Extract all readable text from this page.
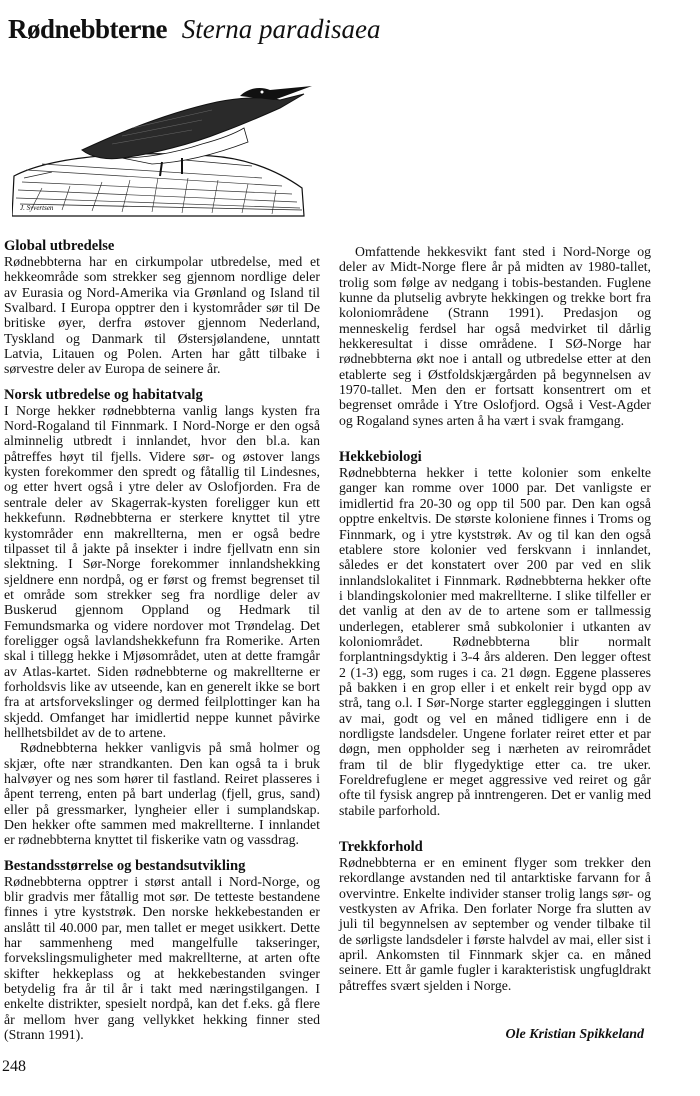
Rødnebbterne Sterna paradisaea
J. Syvertsen
Global utbredelse

Rødnebbterna har en cirkumpolar utbredelse, med et hekkeområde som strekker seg gjennom nordlige deler av Eurasia og Nord-Amerika via Grønland og Island til Svalbard. I Europa opptrer den i kystområder sør til De britiske øyer, derfra østover gjennom Nederland, Tyskland og Danmark til Østersjølandene, unntatt Latvia, Litauen og Polen. Arten har gått tilbake i sørvestre deler av Europa de seinere år.

Norsk utbredelse og habitatvalg

I Norge hekker rødnebbterna vanlig langs kysten fra Nord-Rogaland til Finnmark. I Nord-Norge er den også alminnelig utbredt i innlandet, hvor den bl.a. kan påtreffes høyt til fjells. Videre sør- og østover langs kysten forekommer den spredt og fåtallig til Lindesnes, og etter hvert også i ytre deler av Oslofjorden. Fra de sentrale deler av Skagerrak-kysten foreligger kun ett hekkefunn. Rødnebbterna er sterkere knyttet til ytre kystområder enn makrellterna, men er også bedre tilpasset til å jakte på insekter i indre fjellvatn enn sin slektning. I Sør-Norge forekommer innlandshekking sjeldnere enn nordpå, og er først og fremst begrenset til et område som strekker seg fra nordlige deler av Buskerud gjennom Oppland og Hedmark til Femundsmarka og videre nordover mot Trøndelag. Det foreligger også lavlandshekkefunn fra Romerike. Arten skal i tillegg hekke i Mjøsområdet, uten at dette framgår av Atlas-kartet. Siden rødnebbterne og makrellterne er forholdsvis like av utseende, kan en generelt ikke se bort fra at artsforvekslinger og dermed feilplottinger kan ha skjedd. Omfanget har imidlertid neppe kunnet påvirke hellhetsbildet av de to artene.

Rødnebbterna hekker vanligvis på små holmer og skjær, ofte nær strandkanten. Den kan også ta i bruk halvøyer og nes som hører til fastland. Reiret plasseres i åpent terreng, enten på bart underlag (fjell, grus, sand) eller på gressmarker, lyngheier eller i sumplandskap. Den hekker ofte sammen med makrellterne. I innlandet er rødnebbterna knyttet til fiskerike vatn og vassdrag.

Bestandsstørrelse og bestandsutvikling

Rødnebbterna opptrer i størst antall i Nord-Norge, og blir gradvis mer fåtallig mot sør. De tetteste bestandene finnes i ytre kyststrøk. Den norske hekkebestanden er anslått til 40.000 par, men tallet er meget usikkert. Dette har sammenheng med mangelfulle takseringer, forvekslingsmuligheter med makrellterne, at arten ofte skifter hekkeplass og at hekkebestanden svinger betydelig fra år til år i takt med næringstilgangen. I enkelte distrikter, spesielt nordpå, kan det f.eks. gå flere år mellom hver gang vellykket hekking finner sted (Strann 1991).

Omfattende hekkesvikt fant sted i Nord-Norge og deler av Midt-Norge flere år på midten av 1980-tallet, trolig som følge av nedgang i tobis-bestanden. Fuglene kunne da plutselig avbryte hekkingen og trekke bort fra koloniområdene (Strann 1991). Predasjon og menneskelig ferdsel har også medvirket til dårlig hekkeresultat i disse områdene. I SØ-Norge har rødnebbterna økt noe i antall og utbredelse etter at den etablerte seg i Østfoldskjærgården på begynnelsen av 1970-tallet. Men den er fortsatt konsentrert om et begrenset område i Ytre Oslofjord. Også i Vest-Agder og Rogaland synes arten å ha vært i svak framgang.

Hekkebiologi

Rødnebbterna hekker i tette kolonier som enkelte ganger kan romme over 1000 par. Det vanligste er imidlertid fra 20-30 og opp til 500 par. Den kan også opptre enkeltvis. De største koloniene finnes i Troms og Finnmark, og i ytre kyststrøk. Av og til kan den også etablere store kolonier ved ferskvann i innlandet, således er det konstatert over 200 par ved en slik innlandslokalitet i Finnmark. Rødnebbterna hekker ofte i blandingskolonier med makrellterne. I slike tilfeller er det vanlig at den av de to artene som er tallmessig underlegen, etablerer små subkolonier i utkanten av koloniområdet. Rødnebbterna blir normalt forplantningsdyktig i 3-4 års alderen. Den legger oftest 2 (1-3) egg, som ruges i ca. 21 døgn. Eggene plasseres på bakken i en grop eller i et enkelt reir bygd opp av strå, tang o.l. I Sør-Norge starter eggleggingen i slutten av mai, godt og vel en måned tidligere enn i de nordligste landsdeler. Ungene forlater reiret etter et par døgn, men oppholder seg i nærheten av reirområdet fram til de blir flygedyktige etter ca. tre uker. Foreldrefuglene er meget aggressive ved reiret og går ofte til fysisk angrep på inntrengeren. Det er vanlig med stabile parforhold.

Trekkforhold

Rødnebbterna er en eminent flyger som trekker den rekordlange avstanden ned til antarktiske farvann for å overvintre. Enkelte individer stanser trolig langs sør- og vestkysten av Afrika. Den forlater Norge fra slutten av juli til begynnelsen av september og vender tilbake til de sørligste landsdeler i første halvdel av mai, eller sist i april. Ankomsten til Finnmark skjer ca. en måned seinere. Ett år gamle fugler i karakteristisk ungfugldrakt påtreffes svært sjelden i Norge.

Ole Kristian Spikkeland
248
